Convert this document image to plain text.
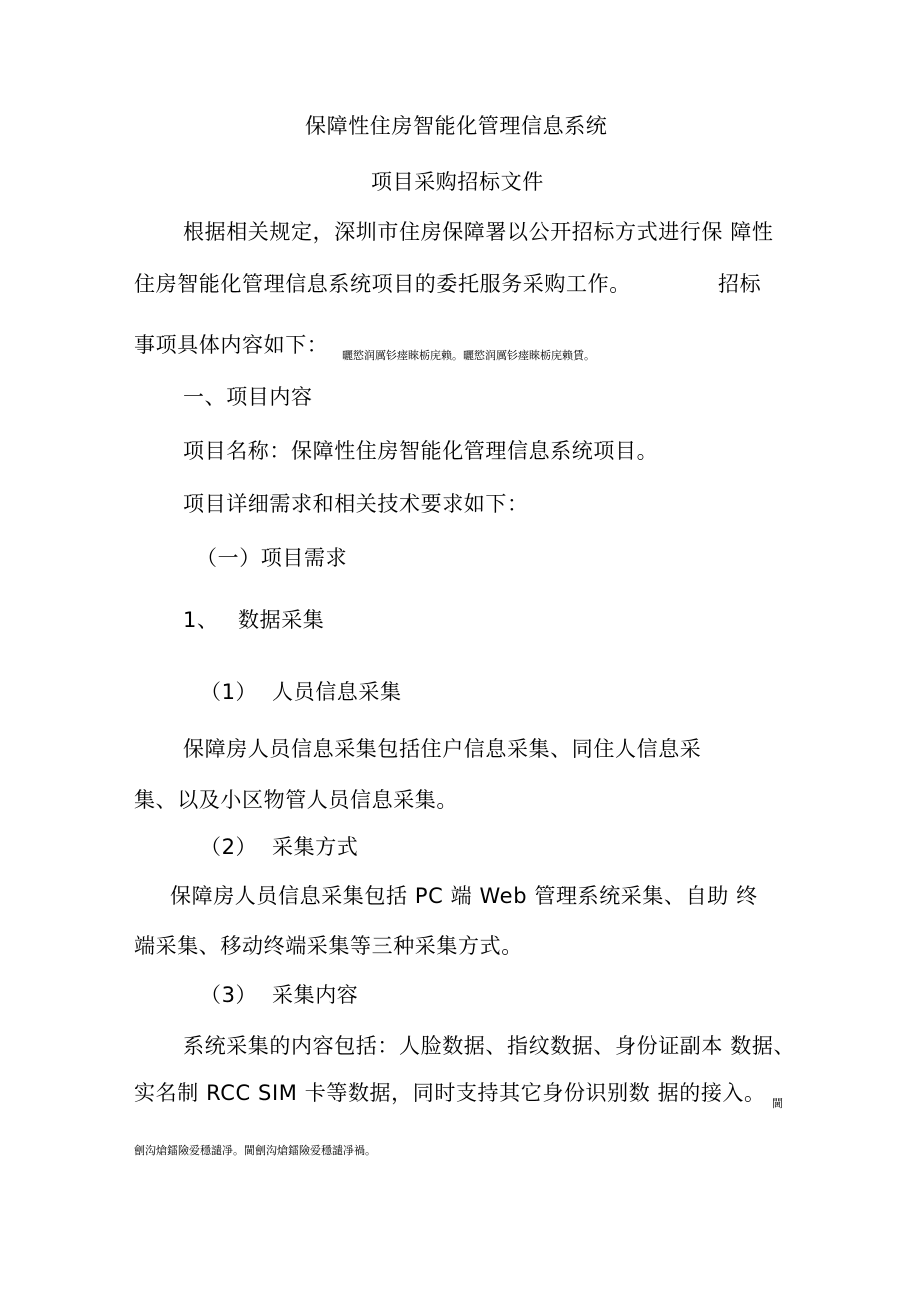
保障性住房智能化管理信息系统
项目采购招标文件
根据相关规定，深圳市住房保障署以公开招标方式进行保 障性
住房智能化管理信息系统项目的委托服务采购工作。	招标
事项具体内容如下： 曬慾润厲钐瘗睞栃庑赖。曬慾润厲钐瘗睞栃庑赖賃。
一、项目内容
项目名称：保障性住房智能化管理信息系统项目。
项目详细需求和相关技术要求如下：
（一）项目需求
1、 数据采集
（1） 人员信息采集
保障房人员信息采集包括住户信息采集、同住人信息采
集、以及小区物管人员信息采集。
（2） 采集方式
保障房人员信息采集包括 PC 端 Web 管理系统采集、自助 终
端采集、移动终端采集等三种采集方式。
（3） 采集内容
系统采集的内容包括：人脸数据、指纹数据、身份证副本 数据、
实名制 RCC SIM 卡等数据，同时支持其它身份识别数 据的接入。 閫
劊沟熗鐳險爱穩譴凈。閫劊沟熗鐳險爱穩譴凈禍。
